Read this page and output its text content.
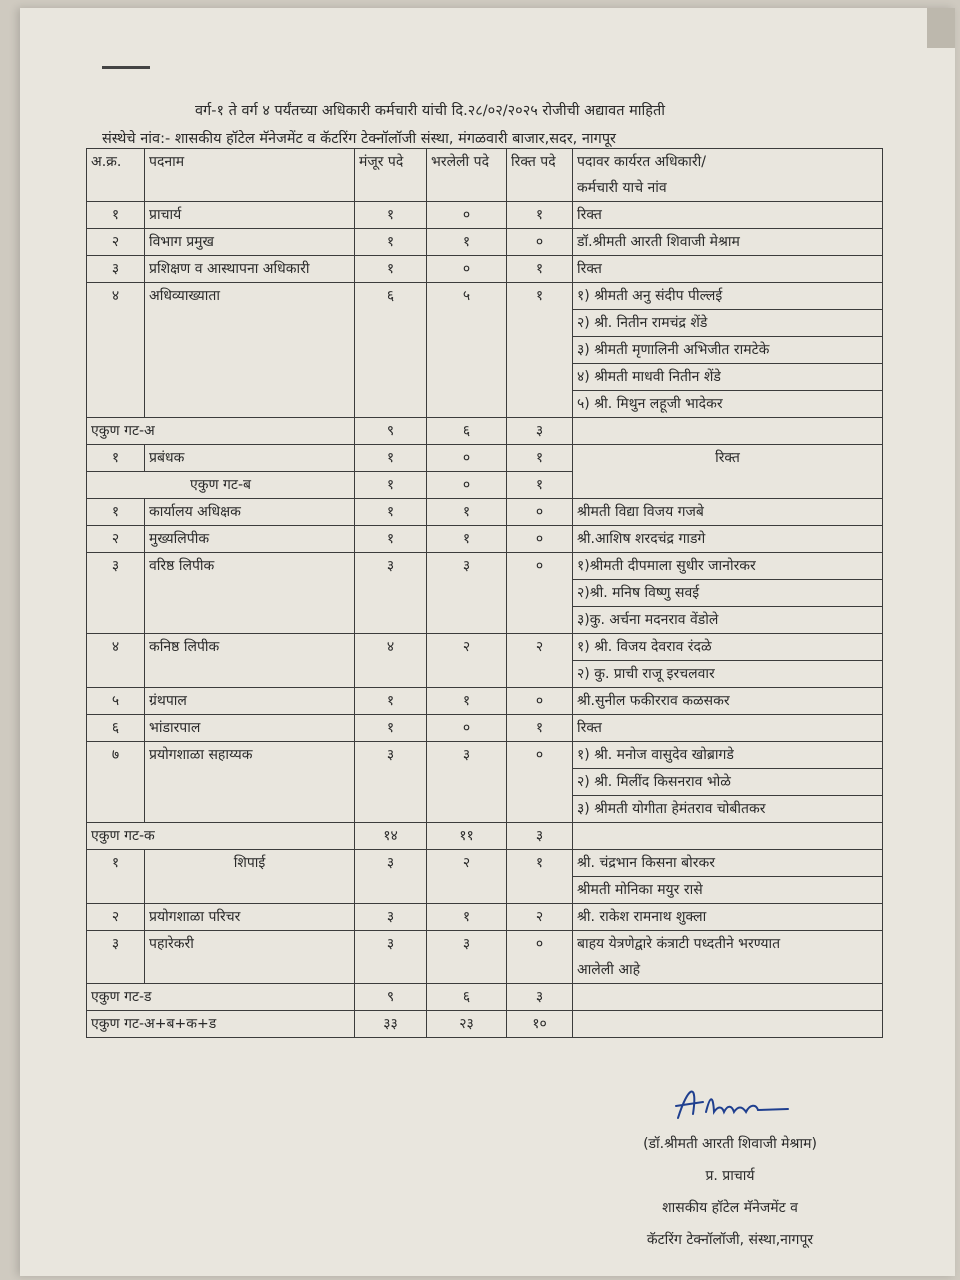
वर्ग-१ ते वर्ग ४ पर्यंतच्या अधिकारी कर्मचारी यांची दि.२८/०२/२०२५ रोजीची अद्यावत माहिती
संस्थेचे नांव:- शासकीय हॉटेल मॅनेजमेंट व कॅटरिंग टेक्नॉलॉजी संस्था, मंगळवारी बाजार,सदर, नागपूर
अ.क्र.	पदनाम	मंजूर पदे	भरलेली पदे	रिक्त पदे	पदावर कार्यरत अधिकारी/
कर्मचारी याचे नांव

१	प्राचार्य	१	०	१	रिक्त
२	विभाग प्रमुख	१	१	०	डॉ.श्रीमती आरती शिवाजी मेश्राम
३	प्रशिक्षण व आस्थापना अधिकारी	१	०	१	रिक्त
४	अधिव्याख्याता	६	५	१	१) श्रीमती अनु संदीप पील्लई
					२) श्री. नितीन रामचंद्र शेंडे
					३) श्रीमती मृणालिनी अभिजीत रामटेके
					४) श्रीमती माधवी नितीन शेंडे
					५) श्री. मिथुन लहूजी भादेकर
एकुण गट-अ		९	६	३	
१	प्रबंधक	१	०	१	रिक्त
एकुण गट-ब		१	०	१	
१	कार्यालय अधिक्षक	१	१	०	श्रीमती विद्या विजय गजबे
२	मुख्यलिपीक	१	१	०	श्री.आशिष शरदचंद्र गाडगे
३	वरिष्ठ लिपीक	३	३	०	१)श्रीमती दीपमाला सुधीर जानोरकर
					२)श्री. मनिष विष्णु सवई
					३)कु. अर्चना मदनराव वेंडोले
४	कनिष्ठ लिपीक	४	२	२	१) श्री. विजय देवराव रंदळे
					२) कु. प्राची राजू इरचलवार
५	ग्रंथपाल	१	१	०	श्री.सुनील फकीरराव कळसकर
६	भांडारपाल	१	०	१	रिक्त
७	प्रयोगशाळा सहाय्यक	३	३	०	१) श्री. मनोज वासुदेव खोब्रागडे
					२) श्री. मिलींद किसनराव भोळे
					३) श्रीमती योगीता हेमंतराव चोबीतकर
एकुण गट-क		१४	११	३	
१	शिपाई	३	२	१	श्री. चंद्रभान किसना बोरकर
					श्रीमती मोनिका मयुर रासे
२	प्रयोगशाळा परिचर	३	१	२	श्री. राकेश रामनाथ शुक्ला
३	पहारेकरी	३	३	०	बाहय येत्रणेद्वारे कंत्राटी पध्दतीने भरण्यात
					आलेली आहे
एकुण गट-ड		९	६	३	
एकुण गट-अ+ब+क+ड		३३	२३	१०	
(डॉ.श्रीमती आरती शिवाजी मेश्राम)
प्र. प्राचार्य
शासकीय हॉटेल मॅनेजमेंट व
कॅटरिंग टेक्नॉलॉजी, संस्था,नागपूर
